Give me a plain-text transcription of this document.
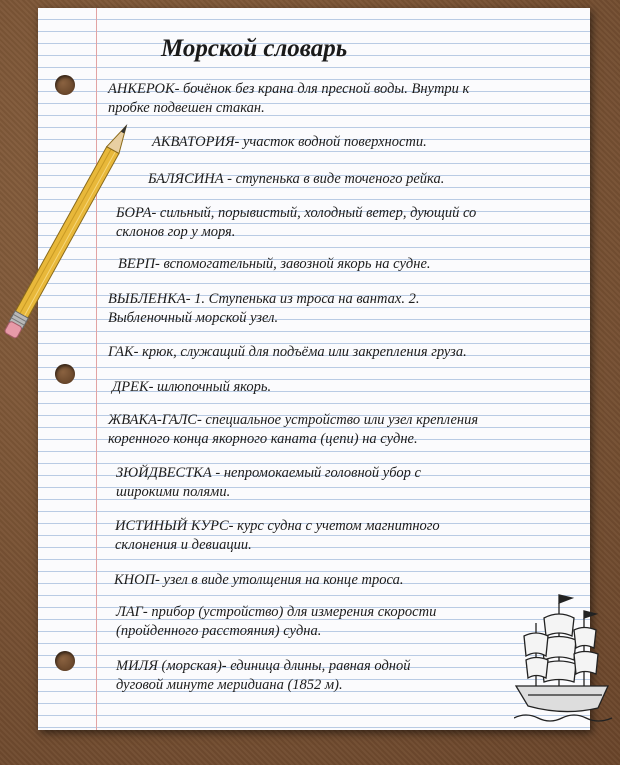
Морской словарь
АНКЕРОК- бочёнок без крана для пресной воды. Внутри к
пробке подвешен стакан.
АКВАТОРИЯ- участок водной поверхности.
БАЛЯСИНА - ступенька в виде точеного рейка.
БОРА- сильный, порывистый, холодный ветер, дующий со
склонов гор у моря.
ВЕРП- вспомогательный, завозной якорь на судне.
ВЫБЛЕНКА- 1. Ступенька из троса на вантах. 2.
Выбленочный морской узел.
ГАК- крюк, служащий для подъёма или закрепления груза.
ДРЕК- шлюпочный якорь.
ЖВАКА-ГАЛС- специальное устройство или узел крепления
коренного конца якорного каната (цепи) на судне.
ЗЮЙДВЕСТКА - непромокаемый головной убор с
широкими полями.
ИСТИНЫЙ КУРС- курс судна с учетом магнитного
склонения и девиации.
КНОП- узел в виде утолщения на конце троса.
ЛАГ- прибор (устройство) для измерения скорости
(пройденного расстояния) судна.
МИЛЯ (морская)- единица длины, равная одной
дуговой минуте меридиана (1852 м).
